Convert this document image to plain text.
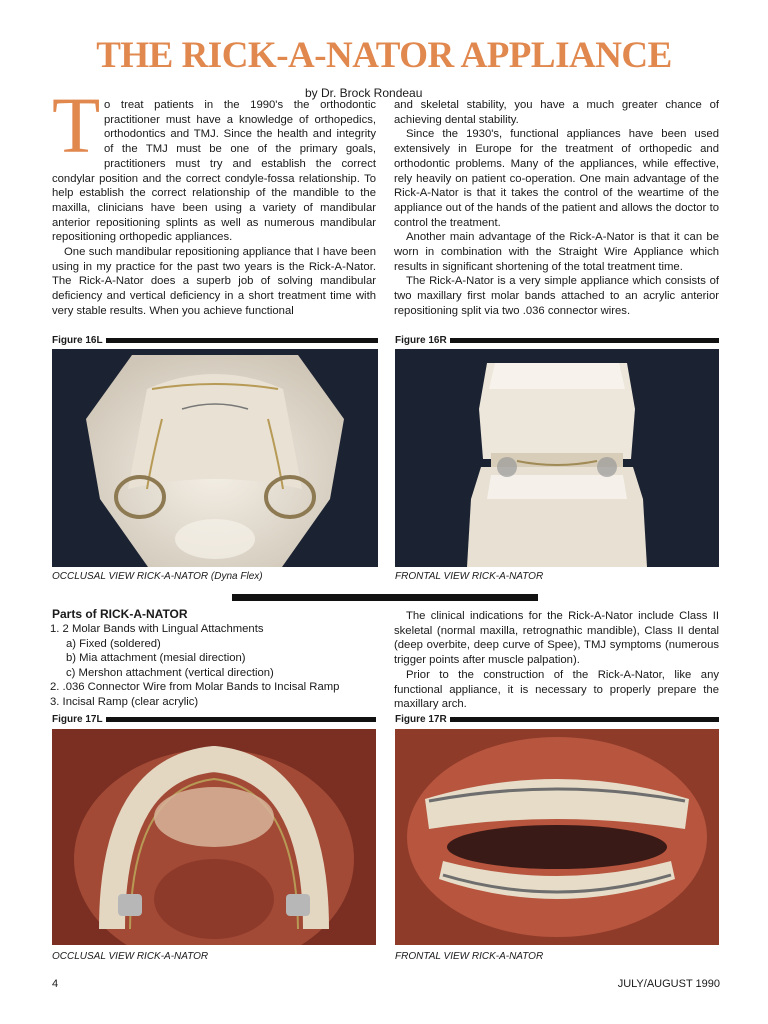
THE RICK-A-NATOR APPLIANCE

by Dr. Brock Rondeau

T o treat patients in the 1990's the orthodontic practitioner must have a knowledge of orthopedics, orthodontics and TMJ. Since the health and integrity of the TMJ must be one of the primary goals, practitioners must try and establish the correct condylar position and the correct condyle-fossa relationship. To help establish the correct relationship of the mandible to the maxilla, clinicians have been using a variety of mandibular anterior repositioning splints as well as numerous mandibular repositioning orthopedic appliances.

One such mandibular repositioning appliance that I have been using in my practice for the past two years is the Rick-A-Nator. The Rick-A-Nator does a superb job of solving mandibular deficiency and vertical deficiency in a short treatment time with very stable results. When you achieve functional

and skeletal stability, you have a much greater chance of achieving dental stability.

Since the 1930's, functional appliances have been used extensively in Europe for the treatment of orthopedic and orthodontic problems. Many of the appliances, while effective, rely heavily on patient co-operation. One main advantage of the Rick-A-Nator is that it takes the control of the weartime of the appliance out of the hands of the patient and allows the doctor to control the treatment.

Another main advantage of the Rick-A-Nator is that it can be worn in combination with the Straight Wire Appliance which results in significant shortening of the total treatment time.

The Rick-A-Nator is a very simple appliance which consists of two maxillary first molar bands attached to an acrylic anterior repositioning split via two .036 connector wires.

Figure 16L

OCCLUSAL VIEW RICK-A-NATOR (Dyna Flex)

Figure 16R

FRONTAL VIEW RICK-A-NATOR

Parts of RICK-A-NATOR

1. 2 Molar Bands with Lingual Attachments
a) Fixed (soldered)
b) Mia attachment (mesial direction)
c) Mershon attachment (vertical direction)
2. .036 Connector Wire from Molar Bands to Incisal Ramp
3. Incisal Ramp (clear acrylic)

The clinical indications for the Rick-A-Nator include Class II skeletal (normal maxilla, retrognathic mandible), Class II dental (deep overbite, deep curve of Spee), TMJ symptoms (numerous trigger points after muscle palpation).

Prior to the construction of the Rick-A-Nator, like any functional appliance, it is necessary to properly prepare the maxillary arch.

Figure 17L

OCCLUSAL VIEW RICK-A-NATOR

Figure 17R

FRONTAL VIEW RICK-A-NATOR

4	JULY/AUGUST 1990
